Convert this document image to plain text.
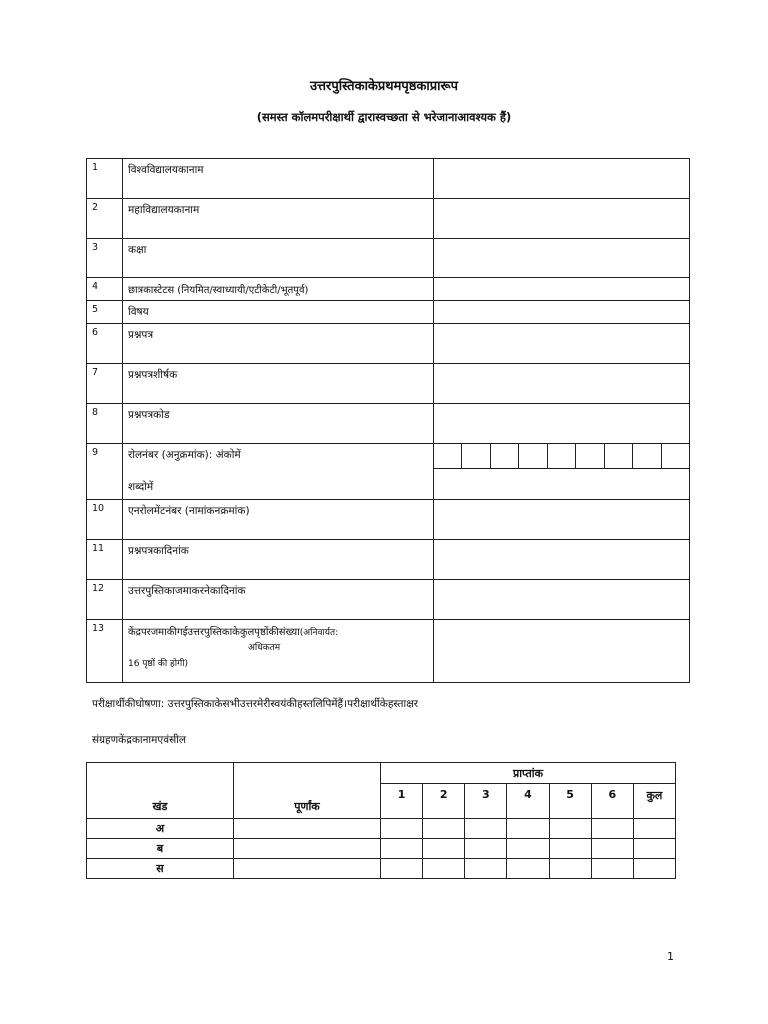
उत्तरपुस्तिकाकेप्रथमपृष्ठकाप्रारूप
(समस्त कॉलमपरीक्षार्थी द्वारास्वच्छता से भरेजानाआवश्यक हैं)
1	विश्वविद्यालयकानाम	
2	महाविद्यालयकानाम	
3	कक्षा	
4	छात्रकास्टेटस (नियमित/स्वाध्यायी/एटीकेटी/भूतपूर्व)	
5	विषय	
6	प्रश्नपत्र	
7	प्रश्नपत्रशीर्षक	
8	प्रश्नपत्रकोड	
9	रोलनंबर (अनुक्रमांक): अंकोमें
शब्दोमें	

10	एनरोलमेंटनंबर (नामांकनक्रमांक)	
11	प्रश्नपत्रकादिनांक	
12	उत्तरपुस्तिकाजमाकरनेकादिनांक	
13	केंद्रपरजमाकीगईउत्तरपुस्तिकाकेकुलपृष्ठोंकीसंख्या(अनिवार्यत:
अधिकतम
16 पृष्ठों की होगी)	

परीक्षार्थीकीघोषणा: उत्तरपुस्तिकाकेसभीउत्तरमेरीस्वयंकीहस्तलिपिमेंहैं।परीक्षार्थीकेहस्ताक्षर
संग्रहणकेंद्रकानामएवंसील
खंड	पूर्णांक	प्राप्तांक						
		1	2	3	4	5	6	कुल
अ								
ब								
स								
1
